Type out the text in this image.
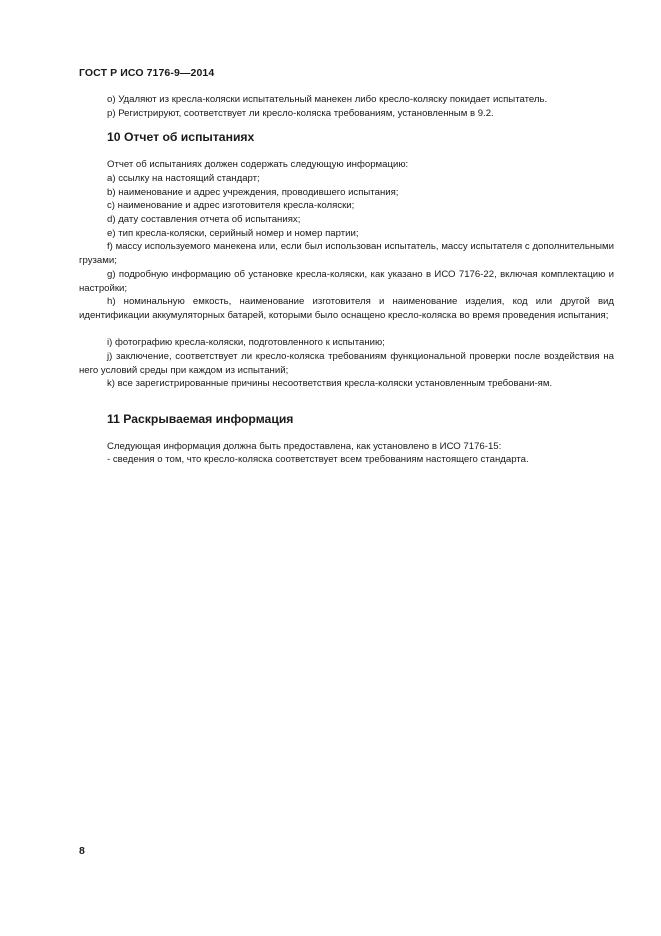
ГОСТ Р ИСО 7176-9—2014

o) Удаляют из кресла-коляски испытательный манекен либо кресло-коляску покидает испытатель.

p) Регистрируют, соответствует ли кресло-коляска требованиям, установленным в 9.2.

10 Отчет об испытаниях

Отчет об испытаниях должен содержать следующую информацию:

a) ссылку на настоящий стандарт;

b) наименование и адрес учреждения, проводившего испытания;

c) наименование и адрес изготовителя кресла-коляски;

d) дату составления отчета об испытаниях;

e) тип кресла-коляски, серийный номер и номер партии;

f) массу используемого манекена или, если был использован испытатель, массу испытателя с дополнительными грузами;

g) подробную информацию об установке кресла-коляски, как указано в ИСО 7176-22, включая комплектацию и настройки;

h) номинальную емкость, наименование изготовителя и наименование изделия, код или другой вид идентификации аккумуляторных батарей, которыми было оснащено кресло-коляска во время проведения испытания;

i) фотографию кресла-коляски, подготовленного к испытанию;

j) заключение, соответствует ли кресло-коляска требованиям функциональной проверки после воздействия на него условий среды при каждом из испытаний;

k) все зарегистрированные причины несоответствия кресла-коляски установленным требовани-ям.

11 Раскрываемая информация

Следующая информация должна быть предоставлена, как установлено в ИСО 7176-15:

- сведения о том, что кресло-коляска соответствует всем требованиям настоящего стандарта.

8
